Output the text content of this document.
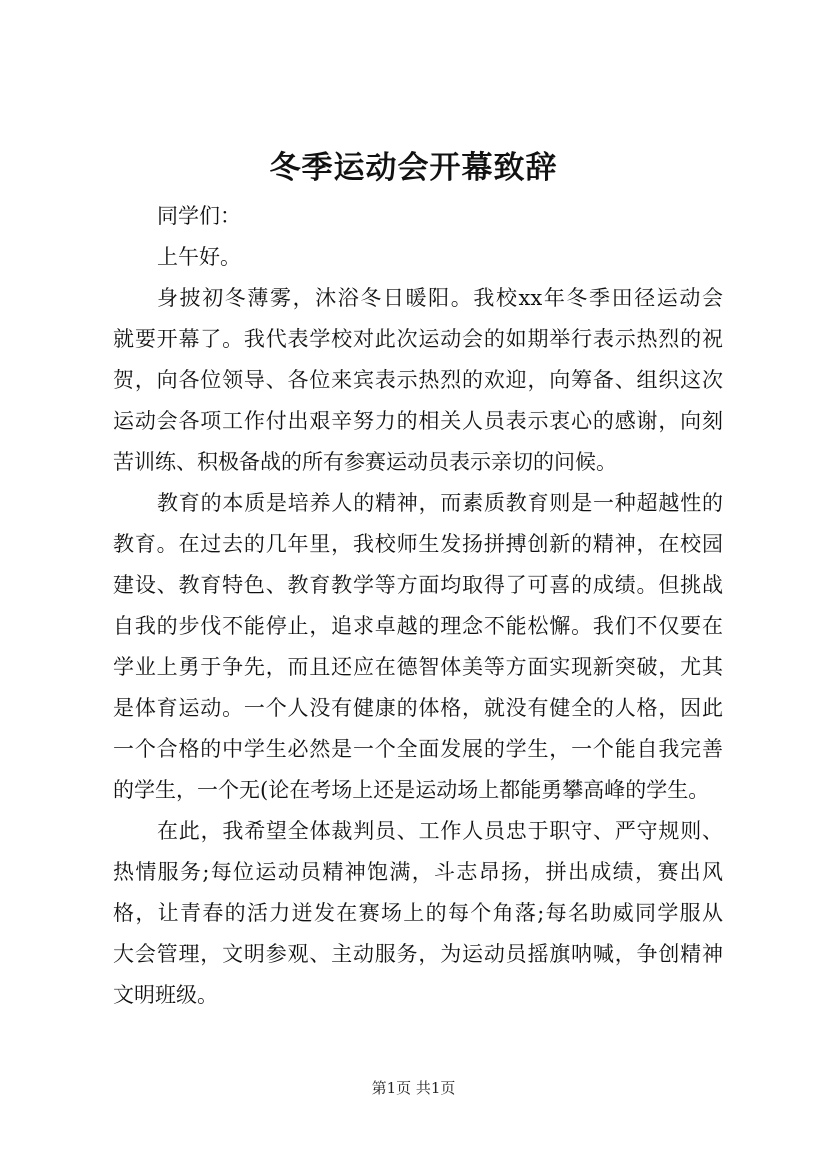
冬季运动会开幕致辞
同学们：
上午好。
身披初冬薄雾，沐浴冬日暖阳。我校xx年冬季田径运动会
就要开幕了。我代表学校对此次运动会的如期举行表示热烈的祝
贺，向各位领导、各位来宾表示热烈的欢迎，向筹备、组织这次
运动会各项工作付出艰辛努力的相关人员表示衷心的感谢，向刻
苦训练、积极备战的所有参赛运动员表示亲切的问候。
教育的本质是培养人的精神，而素质教育则是一种超越性的
教育。在过去的几年里，我校师生发扬拼搏创新的精神，在校园
建设、教育特色、教育教学等方面均取得了可喜的成绩。但挑战
自我的步伐不能停止，追求卓越的理念不能松懈。我们不仅要在
学业上勇于争先，而且还应在德智体美等方面实现新突破，尤其
是体育运动。一个人没有健康的体格，就没有健全的人格，因此
一个合格的中学生必然是一个全面发展的学生，一个能自我完善
的学生，一个无(论在考场上还是运动场上都能勇攀高峰的学生。
在此，我希望全体裁判员、工作人员忠于职守、严守规则、
热情服务;每位运动员精神饱满，斗志昂扬，拼出成绩，赛出风
格，让青春的活力迸发在赛场上的每个角落;每名助威同学服从
大会管理，文明参观、主动服务，为运动员摇旗呐喊，争创精神
文明班级。
第1页 共1页
